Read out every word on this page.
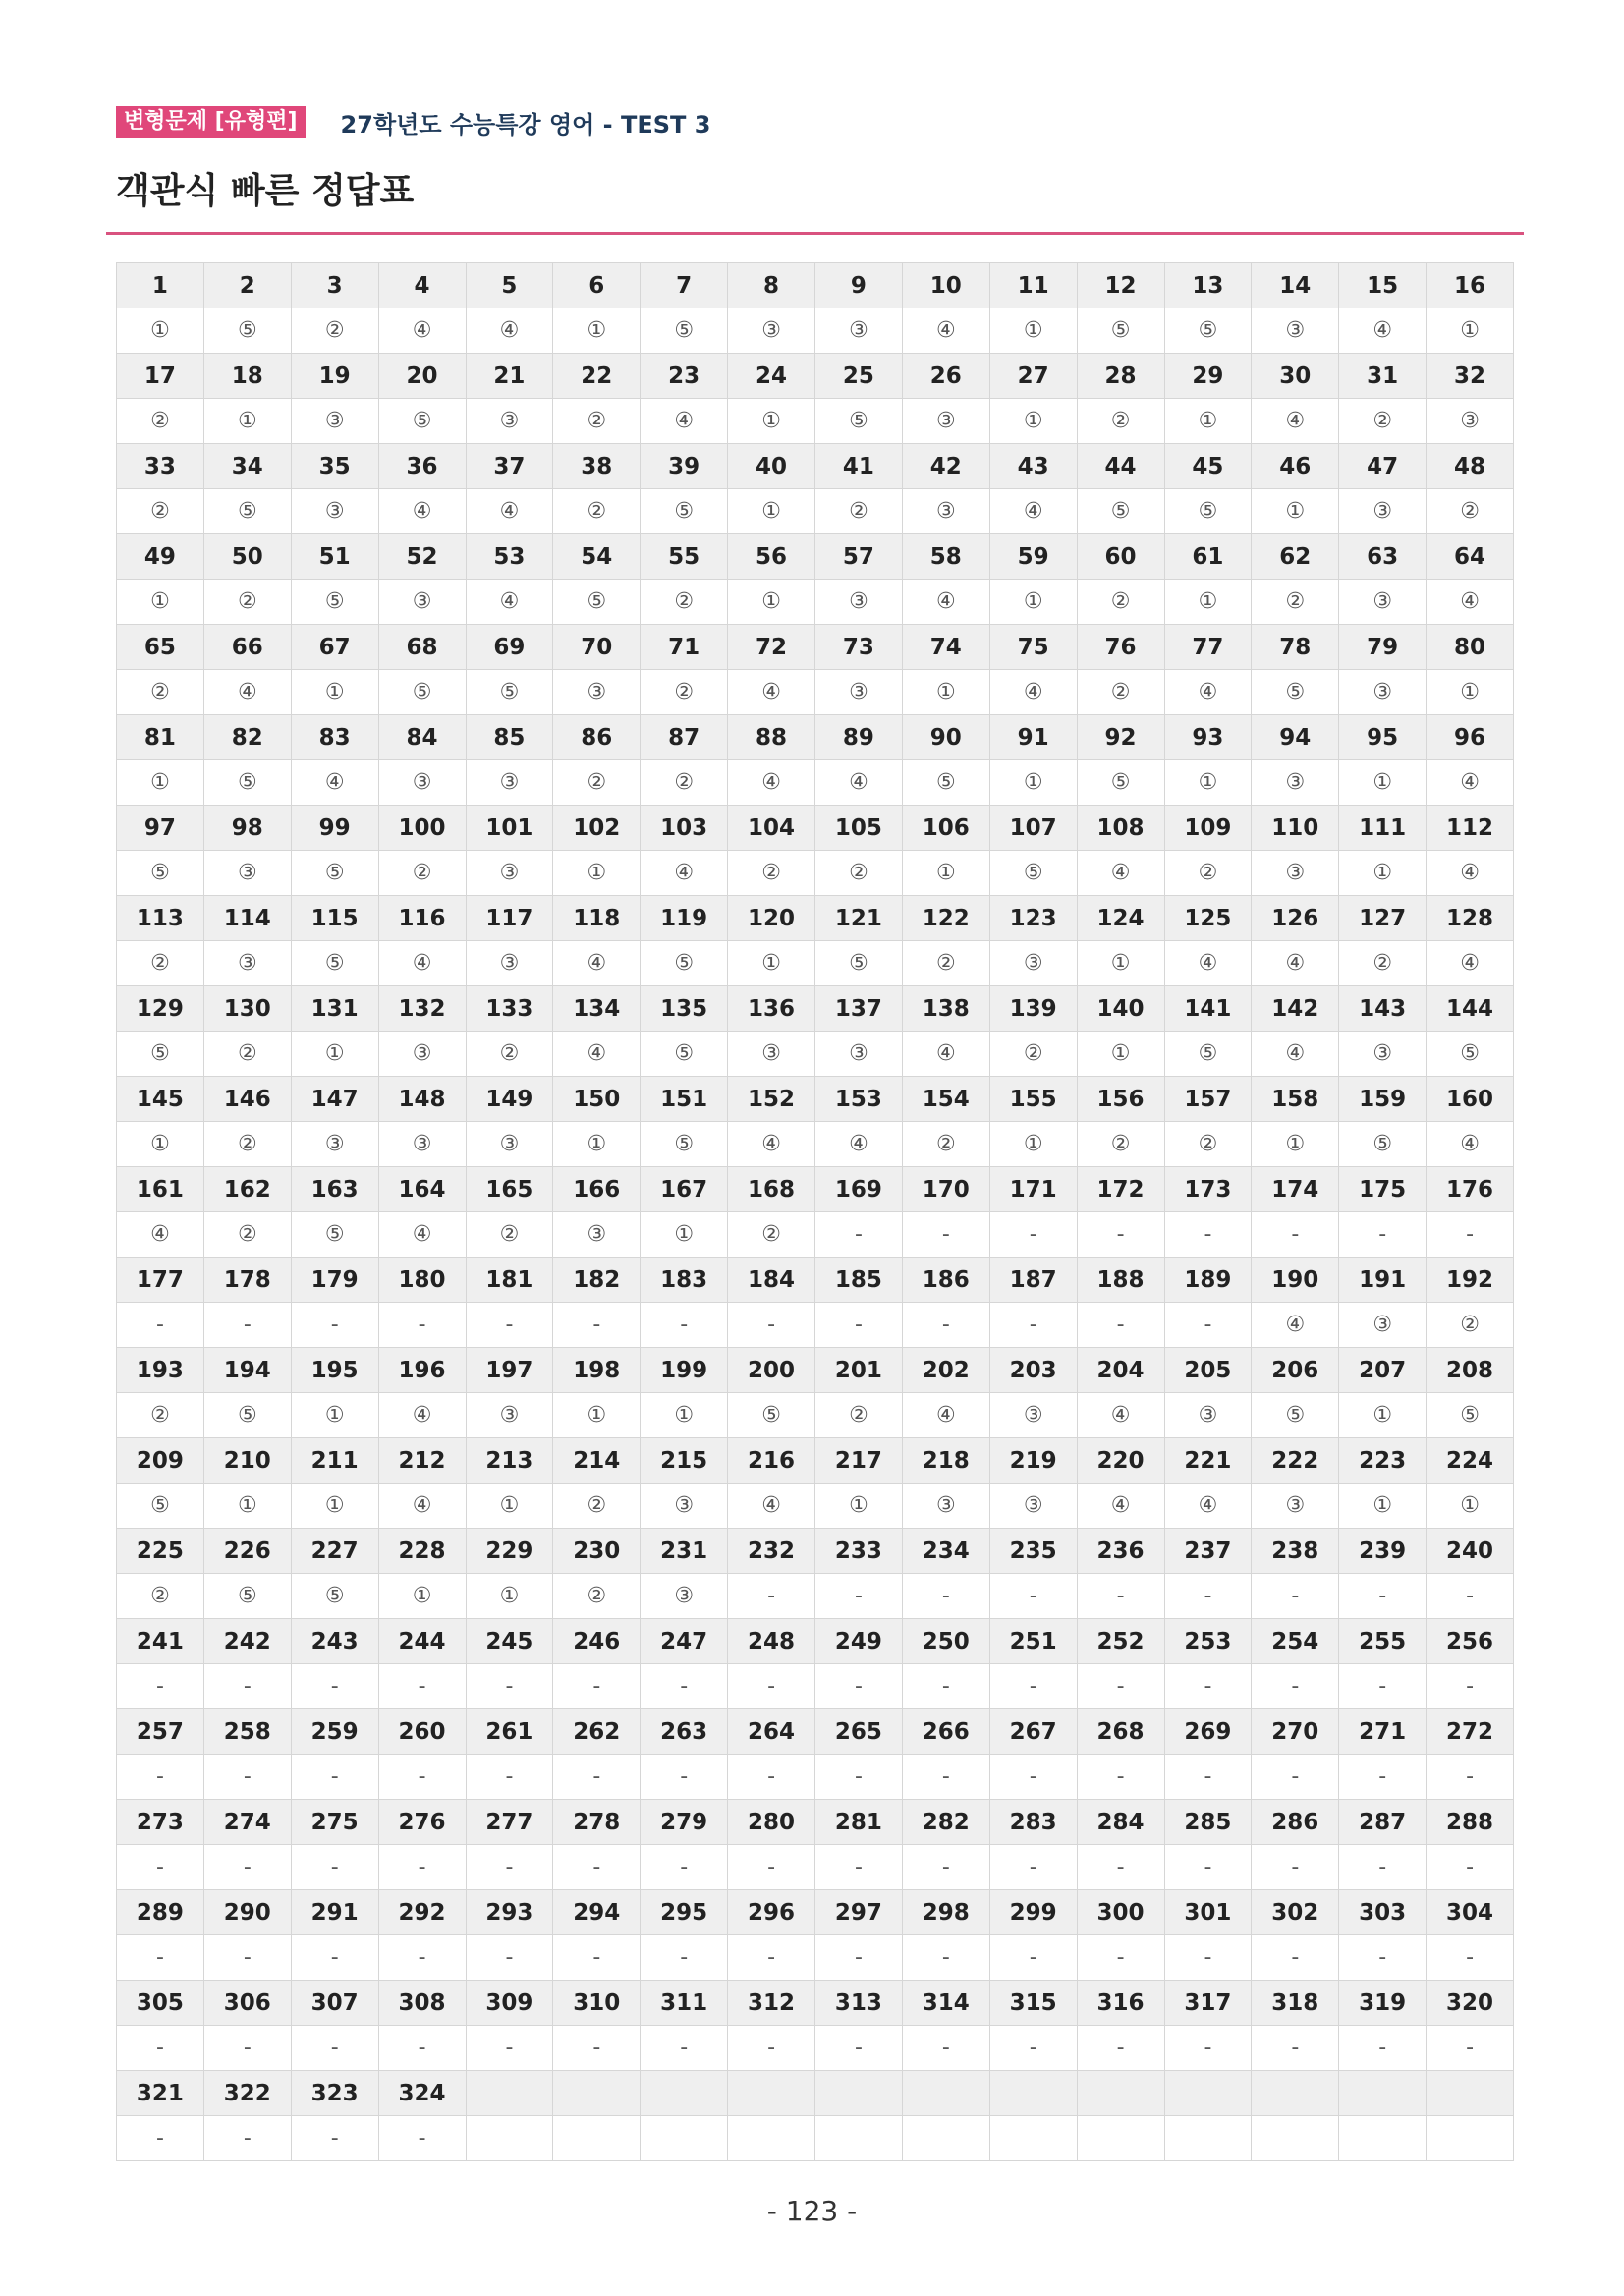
변형문제 [유형편]	27학년도 수능특강 영어 - TEST 3
객관식 빠른 정답표
1	2	3	4	5	6	7	8	9	10	11	12	13	14	15	16
①	⑤	②	④	④	①	⑤	③	③	④	①	⑤	⑤	③	④	①
17	18	19	20	21	22	23	24	25	26	27	28	29	30	31	32
②	①	③	⑤	③	②	④	①	⑤	③	①	②	①	④	②	③
33	34	35	36	37	38	39	40	41	42	43	44	45	46	47	48
②	⑤	③	④	④	②	⑤	①	②	③	④	⑤	⑤	①	③	②
49	50	51	52	53	54	55	56	57	58	59	60	61	62	63	64
①	②	⑤	③	④	⑤	②	①	③	④	①	②	①	②	③	④
65	66	67	68	69	70	71	72	73	74	75	76	77	78	79	80
②	④	①	⑤	⑤	③	②	④	③	①	④	②	④	⑤	③	①
81	82	83	84	85	86	87	88	89	90	91	92	93	94	95	96
①	⑤	④	③	③	②	②	④	④	⑤	①	⑤	①	③	①	④
97	98	99	100	101	102	103	104	105	106	107	108	109	110	111	112
⑤	③	⑤	②	③	①	④	②	②	①	⑤	④	②	③	①	④
113	114	115	116	117	118	119	120	121	122	123	124	125	126	127	128
②	③	⑤	④	③	④	⑤	①	⑤	②	③	①	④	④	②	④
129	130	131	132	133	134	135	136	137	138	139	140	141	142	143	144
⑤	②	①	③	②	④	⑤	③	③	④	②	①	⑤	④	③	⑤
145	146	147	148	149	150	151	152	153	154	155	156	157	158	159	160
①	②	③	③	③	①	⑤	④	④	②	①	②	②	①	⑤	④
161	162	163	164	165	166	167	168	169	170	171	172	173	174	175	176
④	②	⑤	④	②	③	①	②	-	-	-	-	-	-	-	-
177	178	179	180	181	182	183	184	185	186	187	188	189	190	191	192
-	-	-	-	-	-	-	-	-	-	-	-	-	④	③	②
193	194	195	196	197	198	199	200	201	202	203	204	205	206	207	208
②	⑤	①	④	③	①	①	⑤	②	④	③	④	③	⑤	①	⑤
209	210	211	212	213	214	215	216	217	218	219	220	221	222	223	224
⑤	①	①	④	①	②	③	④	①	③	③	④	④	③	①	①
225	226	227	228	229	230	231	232	233	234	235	236	237	238	239	240
②	⑤	⑤	①	①	②	③	-	-	-	-	-	-	-	-	-
241	242	243	244	245	246	247	248	249	250	251	252	253	254	255	256
-	-	-	-	-	-	-	-	-	-	-	-	-	-	-	-
257	258	259	260	261	262	263	264	265	266	267	268	269	270	271	272
-	-	-	-	-	-	-	-	-	-	-	-	-	-	-	-
273	274	275	276	277	278	279	280	281	282	283	284	285	286	287	288
-	-	-	-	-	-	-	-	-	-	-	-	-	-	-	-
289	290	291	292	293	294	295	296	297	298	299	300	301	302	303	304
-	-	-	-	-	-	-	-	-	-	-	-	-	-	-	-
305	306	307	308	309	310	311	312	313	314	315	316	317	318	319	320
-	-	-	-	-	-	-	-	-	-	-	-	-	-	-	-
321	322	323	324												
-	-	-	-												
- 123 -
